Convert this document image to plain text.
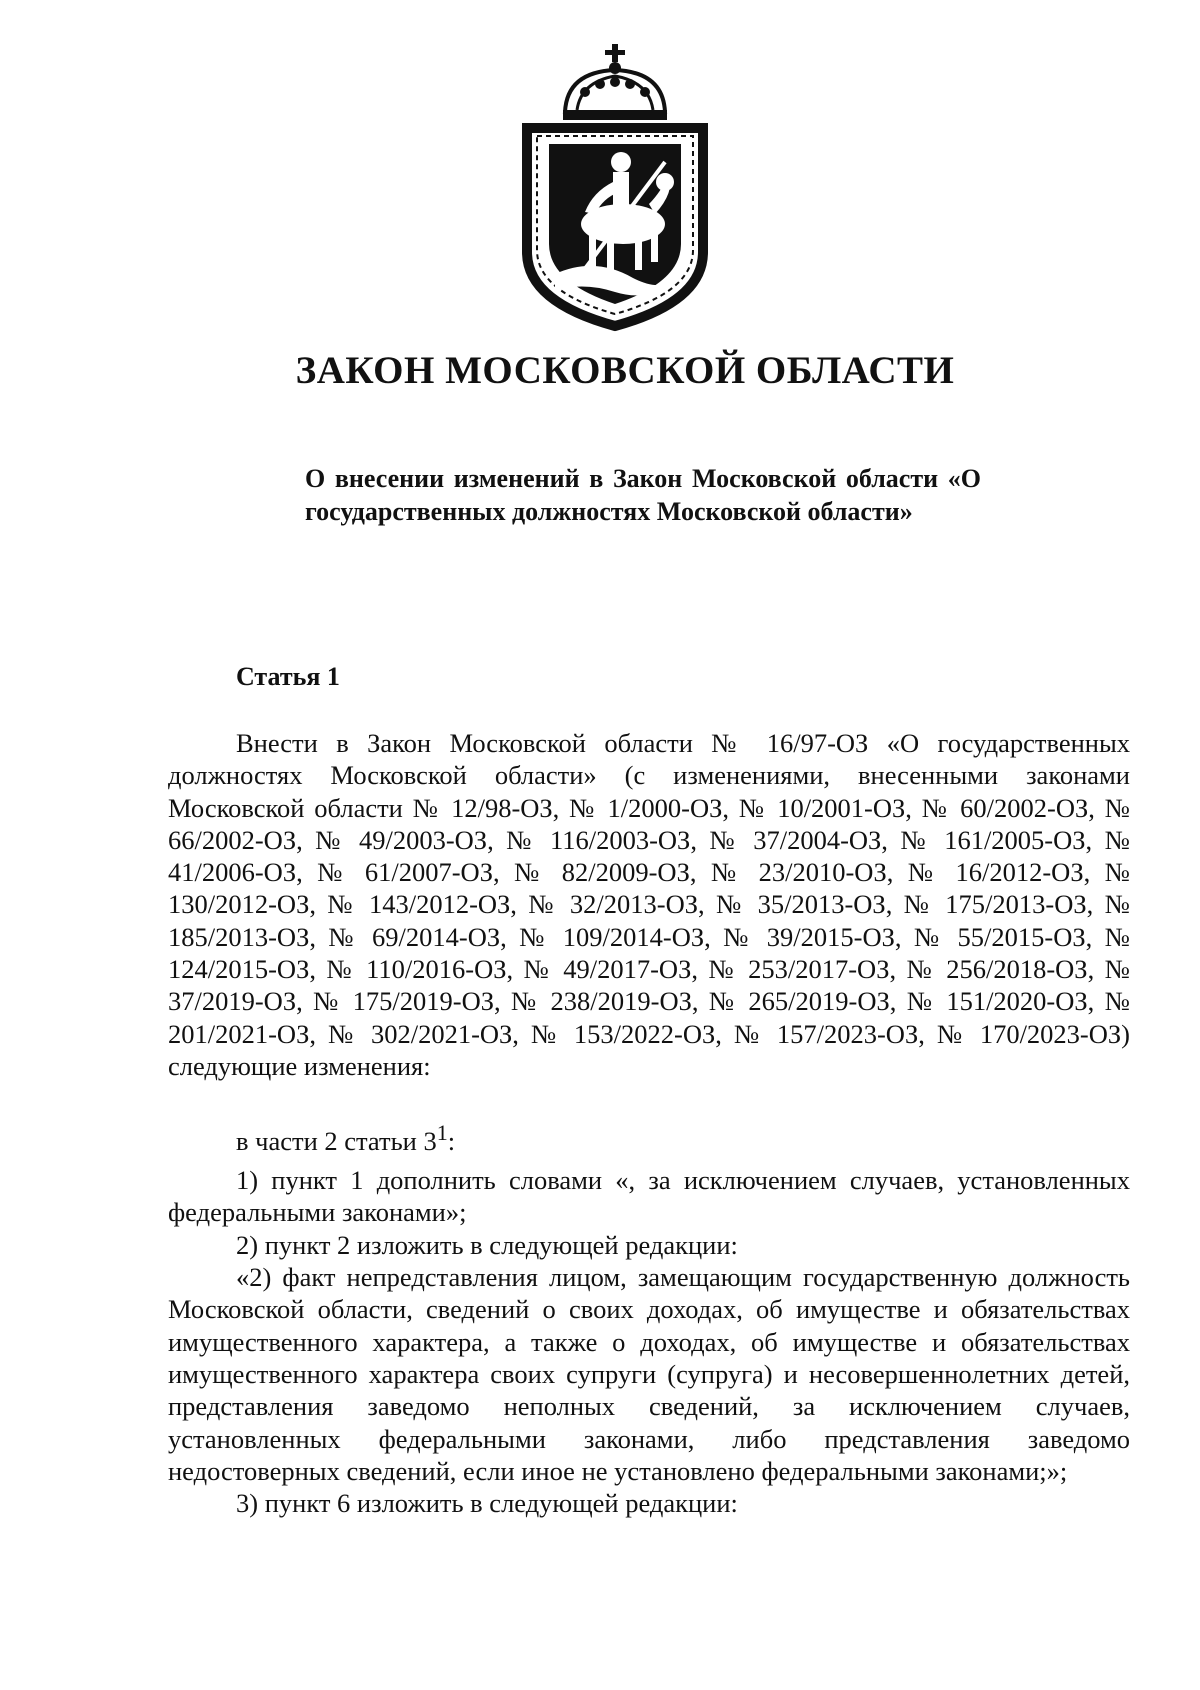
ЗАКОН МОСКОВСКОЙ ОБЛАСТИ
О внесении изменений в Закон Московской области «О государственных должностях Московской области»
Статья 1

Внести в Закон Московской области № 16/97-ОЗ «О государственных должностях Московской области» (с изменениями, внесенными законами Московской области № 12/98-ОЗ, № 1/2000-ОЗ, № 10/2001-ОЗ, № 60/2002-ОЗ, № 66/2002-ОЗ, № 49/2003-ОЗ, № 116/2003-ОЗ, № 37/2004-ОЗ, № 161/2005-ОЗ, № 41/2006-ОЗ, № 61/2007-ОЗ, № 82/2009-ОЗ, № 23/2010-ОЗ, № 16/2012-ОЗ, № 130/2012-ОЗ, № 143/2012-ОЗ, № 32/2013-ОЗ, № 35/2013-ОЗ, № 175/2013-ОЗ, № 185/2013-ОЗ, № 69/2014-ОЗ, № 109/2014-ОЗ, № 39/2015-ОЗ, № 55/2015-ОЗ, № 124/2015-ОЗ, № 110/2016-ОЗ, № 49/2017-ОЗ, № 253/2017-ОЗ, № 256/2018-ОЗ, № 37/2019-ОЗ, № 175/2019-ОЗ, № 238/2019-ОЗ, № 265/2019-ОЗ, № 151/2020-ОЗ, № 201/2021-ОЗ, № 302/2021-ОЗ, № 153/2022-ОЗ, № 157/2023-ОЗ, № 170/2023-ОЗ) следующие изменения:

в части 2 статьи $3^1$:

1) пункт 1 дополнить словами «, за исключением случаев, установленных федеральными законами»;

2) пункт 2 изложить в следующей редакции:

«2) факт непредставления лицом, замещающим государственную должность Московской области, сведений о своих доходах, об имуществе и обязательствах имущественного характера, а также о доходах, об имуществе и обязательствах имущественного характера своих супруги (супруга) и несовершеннолетних детей, представления заведомо неполных сведений, за исключением случаев, установленных федеральными законами, либо представления заведомо недостоверных сведений, если иное не установлено федеральными законами;»;

3) пункт 6 изложить в следующей редакции:
